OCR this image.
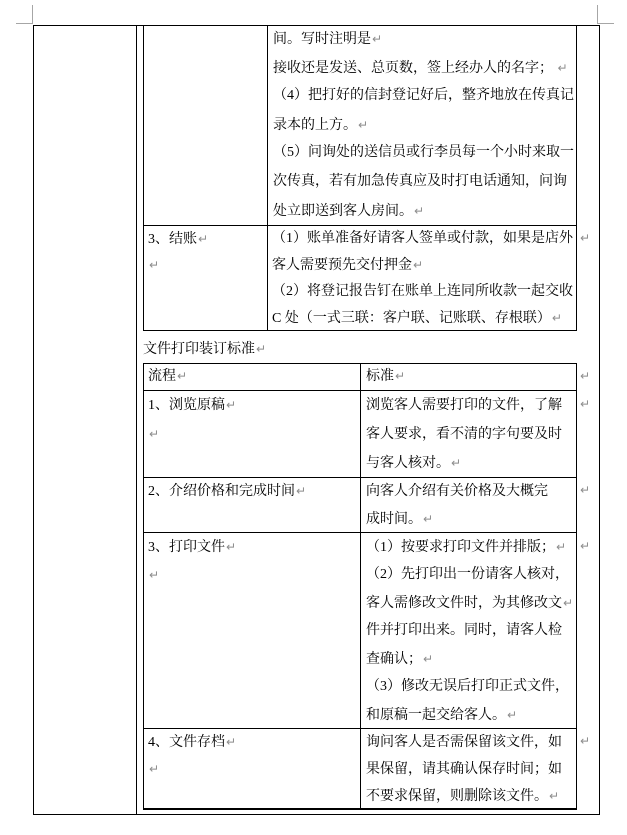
间。写时注明是↵
接收还是发送、总页数，签上经办人的名字； ↵
（4）把打好的信封登记好后，整齐地放在传真记
录本的上方。↵
（5）问询处的送信员或行李员每一个小时来取一
次传真，若有加急传真应及时打电话通知，问询
处立即送到客人房间。↵
3、结账↵
↵
（1）账单准备好请客人签单或付款，如果是店外
客人需要预先交付押金↵
（2）将登记报告钉在账单上连同所收款一起交收
C 处（一式三联：客户联、记账联、存根联）↵
文件打印装订标准↵
流程↵	标准↵
1、浏览原稿↵
↵
浏览客人需要打印的文件，了解
客人要求，看不清的字句要及时
与客人核对。↵
2、介绍价格和完成时间↵	向客人介绍有关价格及大概完
成时间。↵
3、打印文件↵
↵
（1）按要求打印文件并排版；↵
（2）先打印出一份请客人核对，
客人需修改文件时，为其修改文↵
件并打印出来。同时，请客人检
查确认；↵
（3）修改无误后打印正式文件，
和原稿一起交给客人。↵
4、文件存档↵
↵
询问客人是否需保留该文件，如
果保留，请其确认保存时间；如
不要求保留，则删除该文件。↵
↵
↵
↵
↵
↵
↵
